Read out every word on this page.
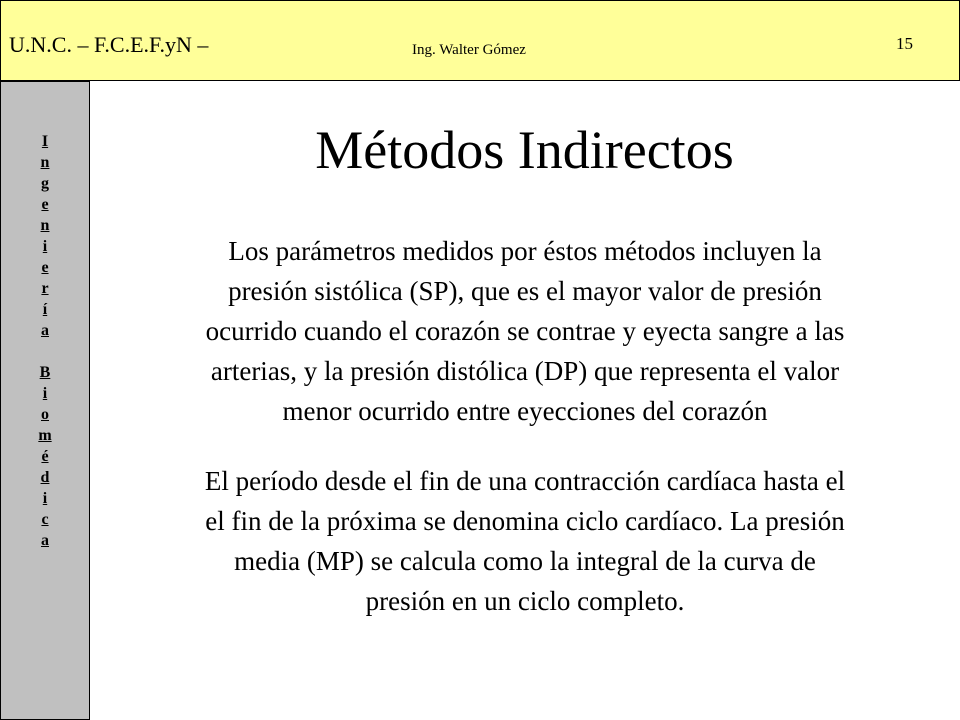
U.N.C. – F.C.E.F.yN –	Ing. Walter Gómez	15
I
n
g
e
n
i
e
r
í
a
B
i
o
m
é
d
i
c
a
Métodos Indirectos
Los parámetros medidos por éstos métodos incluyen la
presión sistólica (SP), que es el mayor valor de presión
ocurrido cuando el corazón se contrae y eyecta sangre a las
arterias, y la presión distólica (DP) que representa el valor
menor ocurrido entre eyecciones del corazón
El período desde el fin de una contracción cardíaca hasta el
el fin de la próxima se denomina ciclo cardíaco. La presión
media (MP) se calcula como la integral de la curva de
presión en un ciclo completo.
